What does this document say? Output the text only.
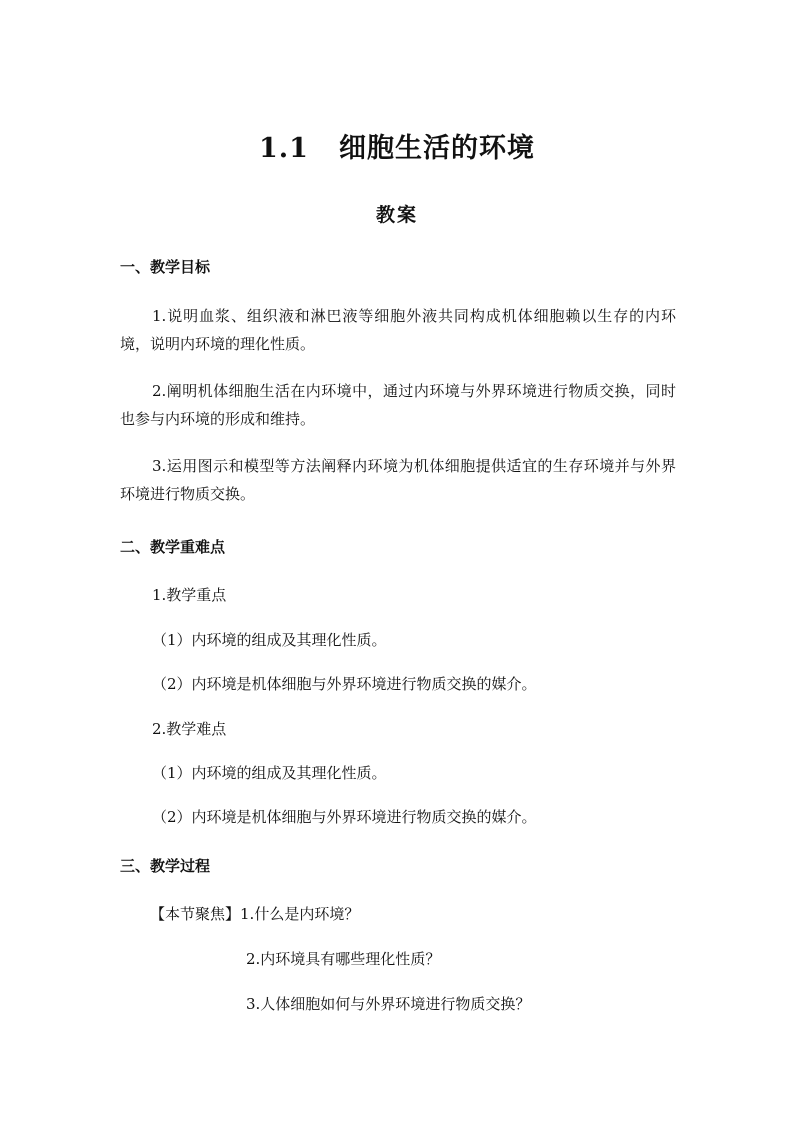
1.1 细胞生活的环境
教案
一、教学目标
1.说明血浆、组织液和淋巴液等细胞外液共同构成机体细胞赖以生存的内环境，说明内环境的理化性质。
2.阐明机体细胞生活在内环境中，通过内环境与外界环境进行物质交换，同时也参与内环境的形成和维持。
3.运用图示和模型等方法阐释内环境为机体细胞提供适宜的生存环境并与外界环境进行物质交换。
二、教学重难点
1.教学重点
（1）内环境的组成及其理化性质。
（2）内环境是机体细胞与外界环境进行物质交换的媒介。
2.教学难点
（1）内环境的组成及其理化性质。
（2）内环境是机体细胞与外界环境进行物质交换的媒介。
三、教学过程
【本节聚焦】1.什么是内环境？
2.内环境具有哪些理化性质？
3.人体细胞如何与外界环境进行物质交换？
